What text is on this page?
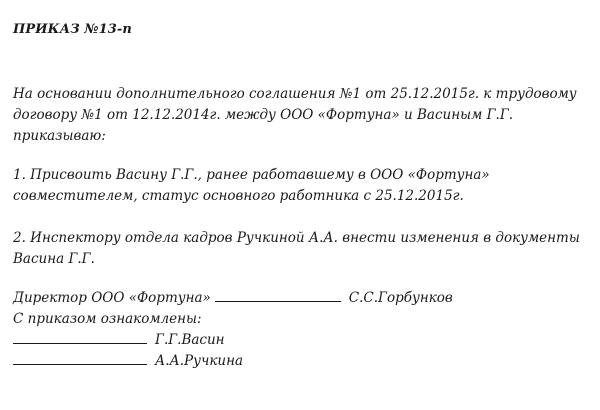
ПРИКАЗ №13-п
На основании дополнительного соглашения №1 от 25.12.2015г. к трудовому
договору №1 от 12.12.2014г. между ООО «Фортуна» и Васиным Г.Г.
приказываю:
1. Присвоить Васину Г.Г., ранее работавшему в ООО «Фортуна»
совместителем, статус основного работника с 25.12.2015г.
2. Инспектору отдела кадров Ручкиной А.А. внести изменения в документы
Васина Г.Г.
Директор ООО «Фортуна»	С.С.Горбунков
С приказом ознакомлены:
Г.Г.Васин
А.А.Ручкина
